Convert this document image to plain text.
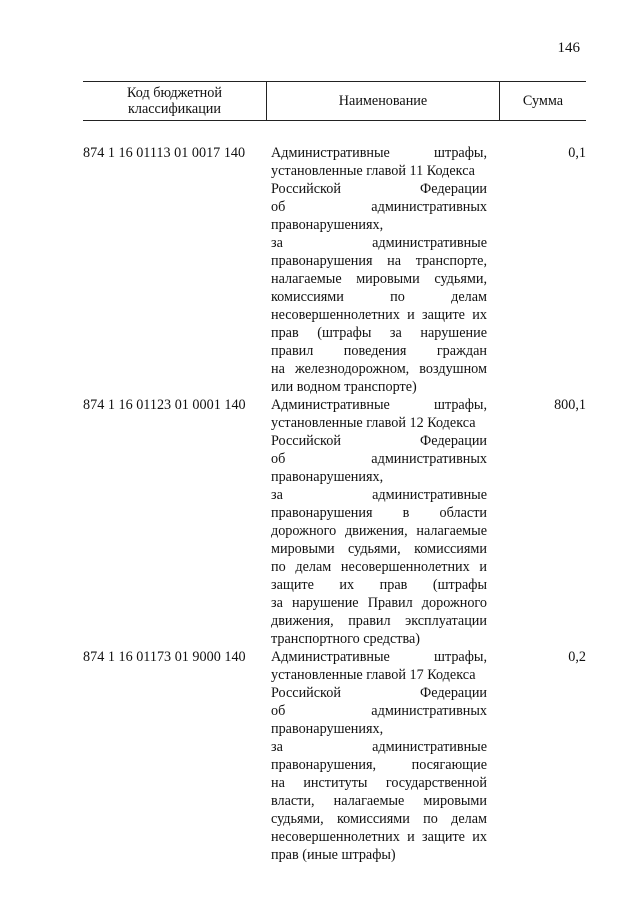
146
Код бюджетной
классификации	Наименование	Сумма
874 1 16 01113 01 0017 140	Административные штрафы,
установленные главой 11 Кодекса
Российской Федерации
об административных
правонарушениях,
за административные
правонарушения на транспорте,
налагаемые мировыми судьями,
комиссиями по делам
несовершеннолетних и защите их
прав (штрафы за нарушение
правил поведения граждан
на железнодорожном, воздушном
или водном транспорте)
0,1
874 1 16 01123 01 0001 140	Административные штрафы,
установленные главой 12 Кодекса
Российской Федерации
об административных
правонарушениях,
за административные
правонарушения в области
дорожного движения, налагаемые
мировыми судьями, комиссиями
по делам несовершеннолетних и
защите их прав (штрафы
за нарушение Правил дорожного
движения, правил эксплуатации
транспортного средства)
800,1
874 1 16 01173 01 9000 140	Административные штрафы,
установленные главой 17 Кодекса
Российской Федерации
об административных
правонарушениях,
за административные
правонарушения, посягающие
на институты государственной
власти, налагаемые мировыми
судьями, комиссиями по делам
несовершеннолетних и защите их
прав (иные штрафы)
0,2
